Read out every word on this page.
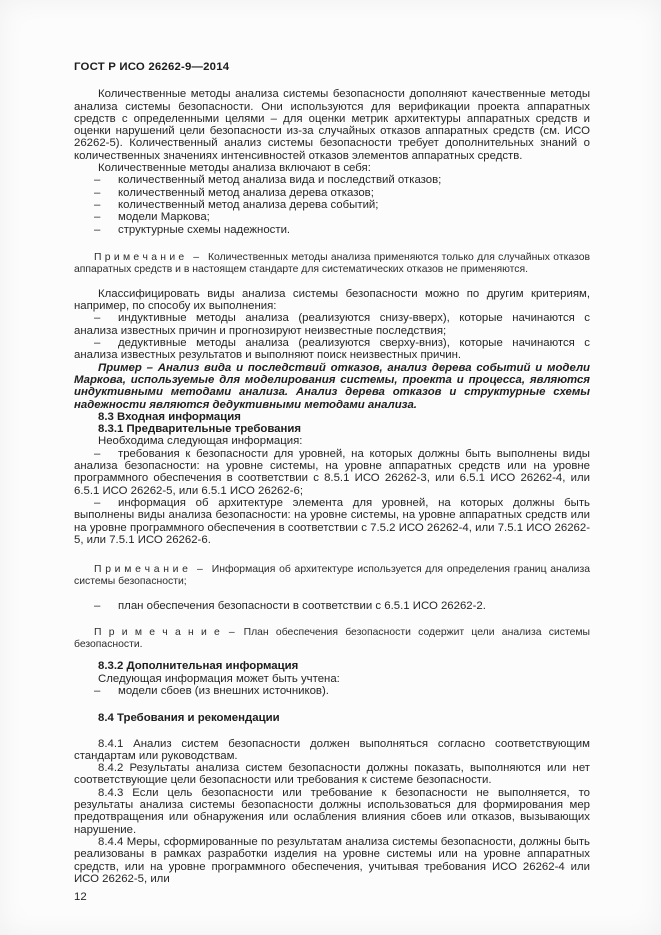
ГОСТ Р ИСО 26262-9—2014

Количественные методы анализа системы безопасности дополняют качественные методы анализа системы безопасности. Они используются для верификации проекта аппаратных средств с определенными целями – для оценки метрик архитектуры аппаратных средств и оценки нарушений цели безопасности из-за случайных отказов аппаратных средств (см. ИСО 26262-5). Количественный анализ системы безопасности требует дополнительных знаний о количественных значениях интенсивностей отказов элементов аппаратных средств.

Количественные методы анализа включают в себя:

– количественный метод анализа вида и последствий отказов;

– количественный метод анализа дерева отказов;

– количественный метод анализа дерева событий;

– модели Маркова;

– структурные схемы надежности.

П р и м е ч а н и е – Количественных методы анализа применяются только для случайных отказов аппаратных средств и в настоящем стандарте для систематических отказов не применяются.

Классифицировать виды анализа системы безопасности можно по другим критериям, например, по способу их выполнения:

– индуктивные методы анализа (реализуются снизу-вверх), которые начинаются с анализа известных причин и прогнозируют неизвестные последствия;

– дедуктивные методы анализа (реализуются сверху-вниз), которые начинаются с анализа известных результатов и выполняют поиск неизвестных причин.

Пример – Анализ вида и последствий отказов, анализ дерева событий и модели Маркова, используемые для моделирования системы, проекта и процесса, являются индуктивными методами анализа. Анализ дерева отказов и структурные схемы надежности являются дедуктивными методами анализа.

8.3 Входная информация

8.3.1 Предварительные требования

Необходима следующая информация:

– требования к безопасности для уровней, на которых должны быть выполнены виды анализа безопасности: на уровне системы, на уровне аппаратных средств или на уровне программного обеспечения в соответствии с 8.5.1 ИСО 26262-3, или 6.5.1 ИСО 26262-4, или 6.5.1 ИСО 26262-5, или 6.5.1 ИСО 26262-6;

– информация об архитектуре элемента для уровней, на которых должны быть выполнены виды анализа безопасности: на уровне системы, на уровне аппаратных средств или на уровне программного обеспечения в соответствии с 7.5.2 ИСО 26262-4, или 7.5.1 ИСО 26262-5, или 7.5.1 ИСО 26262-6.

П р и м е ч а н и е – Информация об архитектуре используется для определения границ анализа системы безопасности;

– план обеспечения безопасности в соответствии с 6.5.1 ИСО 26262-2.

П р и м е ч а н и е – План обеспечения безопасности содержит цели анализа системы безопасности.

8.3.2 Дополнительная информация

Следующая информация может быть учтена:

– модели сбоев (из внешних источников).

8.4 Требования и рекомендации

8.4.1 Анализ систем безопасности должен выполняться согласно соответствующим стандартам или руководствам.

8.4.2 Результаты анализа систем безопасности должны показать, выполняются или нет соответствующие цели безопасности или требования к системе безопасности.

8.4.3 Если цель безопасности или требование к безопасности не выполняется, то результаты анализа системы безопасности должны использоваться для формирования мер предотвращения или обнаружения или ослабления влияния сбоев или отказов, вызывающих нарушение.

8.4.4 Меры, сформированные по результатам анализа системы безопасности, должны быть реализованы в рамках разработки изделия на уровне системы или на уровне аппаратных средств, или на уровне программного обеспечения, учитывая требования ИСО 26262-4 или ИСО 26262-5, или

12
